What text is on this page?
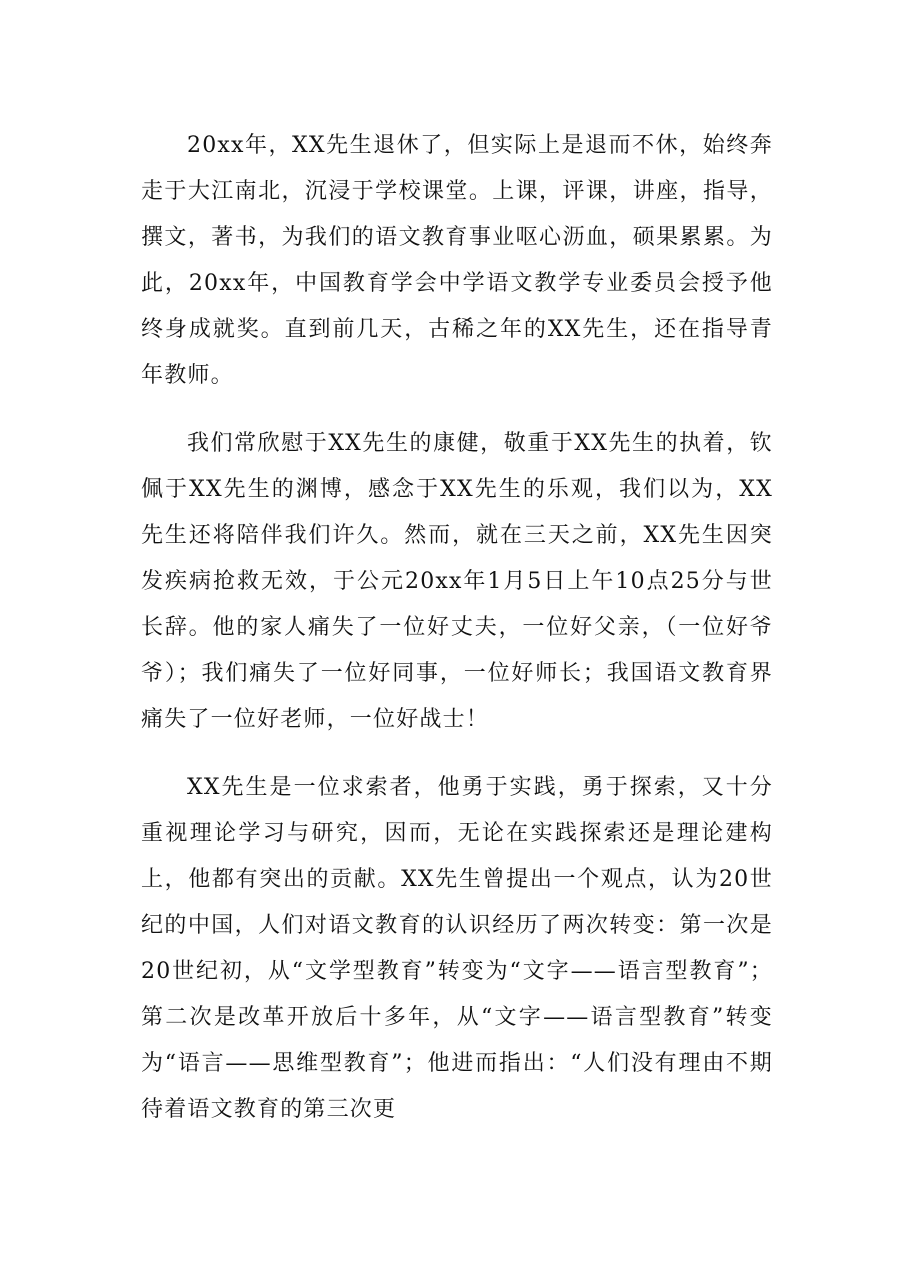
20xx年，XX先生退休了，但实际上是退而不休，始终奔走于大江南北，沉浸于学校课堂。上课，评课，讲座，指导，撰文，著书，为我们的语文教育事业呕心沥血，硕果累累。为此，20xx年，中国教育学会中学语文教学专业委员会授予他终身成就奖。直到前几天，古稀之年的XX先生，还在指导青年教师。

我们常欣慰于XX先生的康健，敬重于XX先生的执着，钦佩于XX先生的渊博，感念于XX先生的乐观，我们以为，XX先生还将陪伴我们许久。然而，就在三天之前，XX先生因突发疾病抢救无效，于公元20xx年1月5日上午10点25分与世长辞。他的家人痛失了一位好丈夫，一位好父亲，（一位好爷爷）；我们痛失了一位好同事，一位好师长；我国语文教育界痛失了一位好老师，一位好战士！

XX先生是一位求索者，他勇于实践，勇于探索，又十分重视理论学习与研究，因而，无论在实践探索还是理论建构上，他都有突出的贡献。XX先生曾提出一个观点，认为20世纪的中国，人们对语文教育的认识经历了两次转变：第一次是20世纪初，从“文学型教育”转变为“文字——语言型教育”；第二次是改革开放后十多年，从“文字——语言型教育”转变为“语言——思维型教育”；他进而指出：“人们没有理由不期待着语文教育的第三次更
